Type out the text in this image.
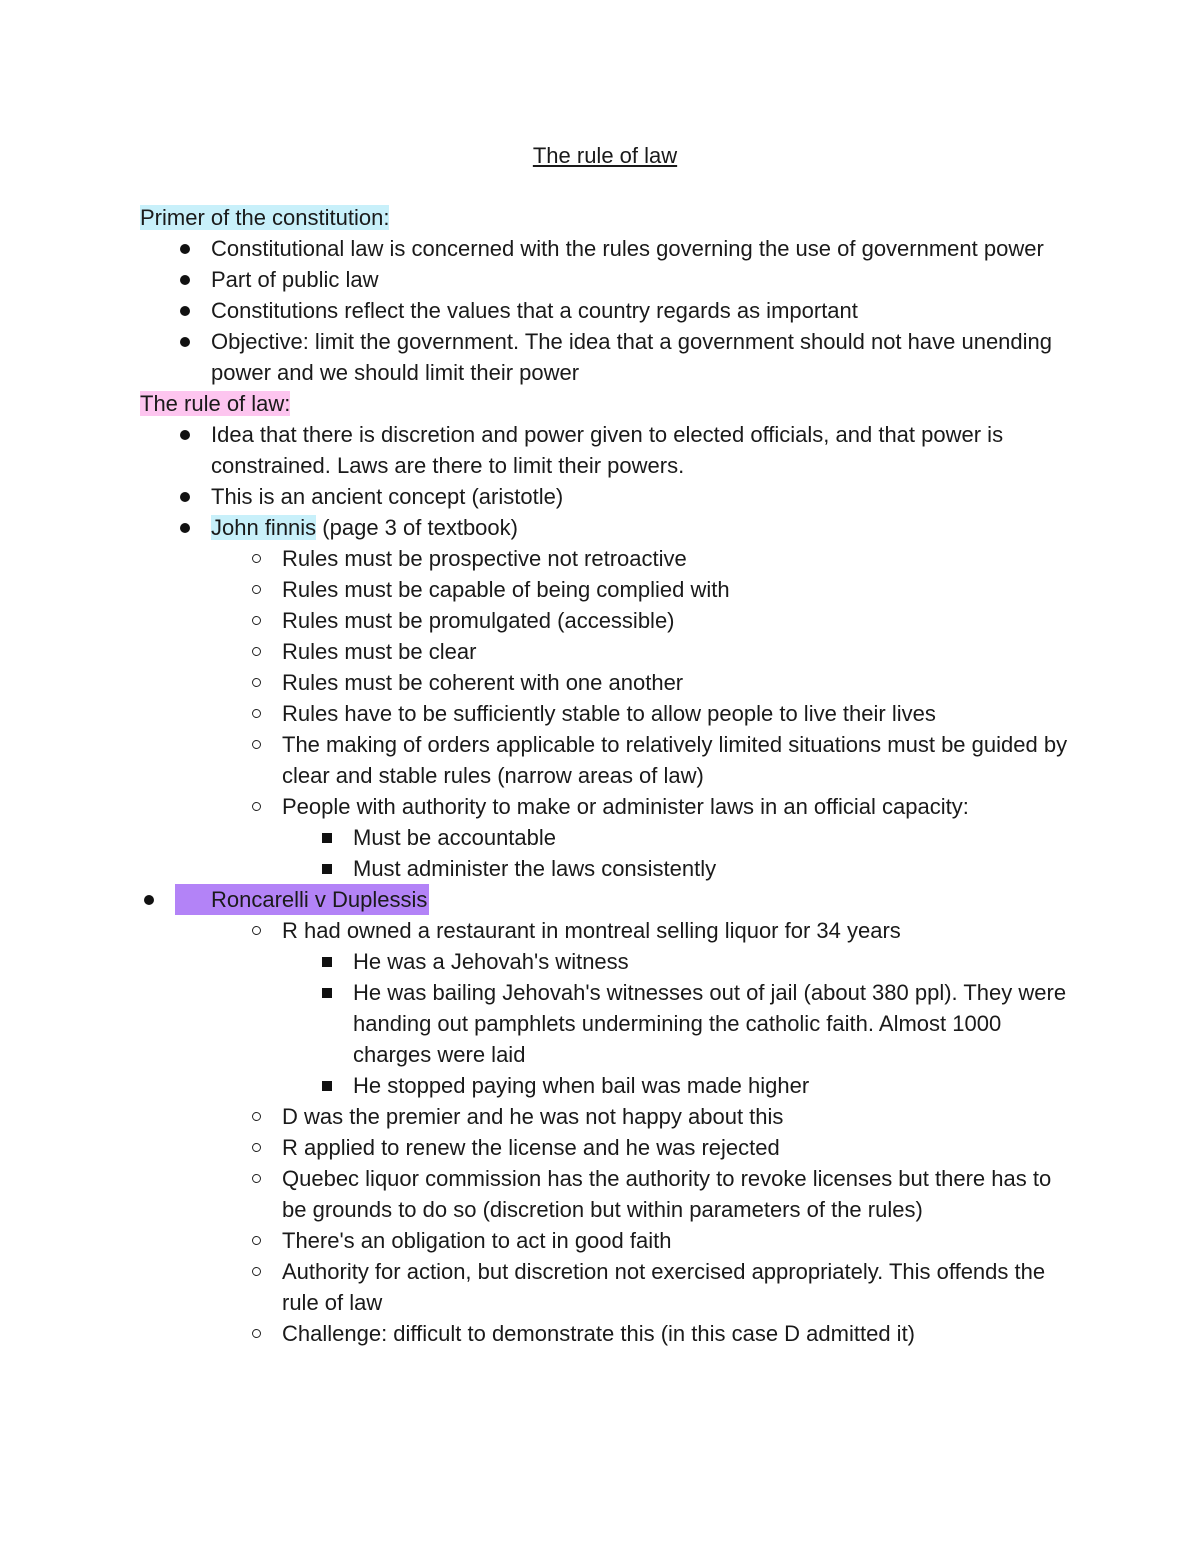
The rule of law
Primer of the constitution:
Constitutional law is concerned with the rules governing the use of government power
Part of public law
Constitutions reflect the values that a country regards as important
Objective: limit the government. The idea that a government should not have unending power and we should limit their power
The rule of law:
Idea that there is discretion and power given to elected officials, and that power is constrained. Laws are there to limit their powers.
This is an ancient concept (aristotle)
John finnis (page 3 of textbook)
Rules must be prospective not retroactive
Rules must be capable of being complied with
Rules must be promulgated (accessible)
Rules must be clear
Rules must be coherent with one another
Rules have to be sufficiently stable to allow people to live their lives
The making of orders applicable to relatively limited situations must be guided by clear and stable rules (narrow areas of law)
People with authority to make or administer laws in an official capacity:
Must be accountable
Must administer the laws consistently
Roncarelli v Duplessis
R had owned a restaurant in montreal selling liquor for 34 years
He was a Jehovah's witness
He was bailing Jehovah's witnesses out of jail (about 380 ppl). They were handing out pamphlets undermining the catholic faith. Almost 1000 charges were laid
He stopped paying when bail was made higher
D was the premier and he was not happy about this
R applied to renew the license and he was rejected
Quebec liquor commission has the authority to revoke licenses but there has to be grounds to do so (discretion but within parameters of the rules)
There's an obligation to act in good faith
Authority for action, but discretion not exercised appropriately. This offends the rule of law
Challenge: difficult to demonstrate this (in this case D admitted it)
